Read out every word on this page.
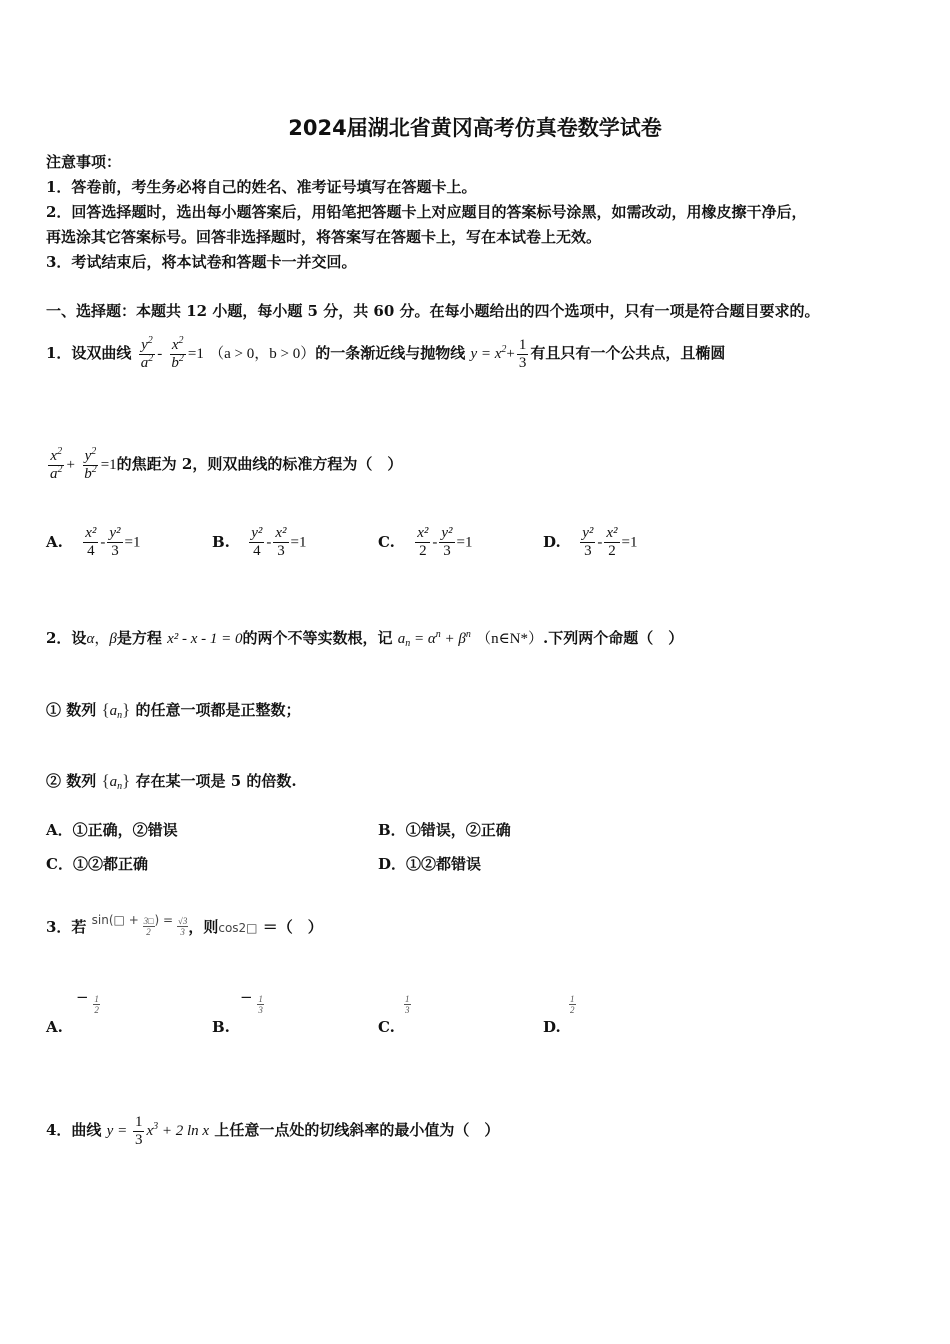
2024届湖北省黄冈高考仿真卷数学试卷
注意事项：
1．答卷前，考生务必将自己的姓名、准考证号填写在答题卡上。
2．回答选择题时，选出每小题答案后，用铅笔把答题卡上对应题目的答案标号涂黑，如需改动，用橡皮擦干净后，
再选涂其它答案标号。回答非选择题时，将答案写在答题卡上，写在本试卷上无效。
3．考试结束后，将本试卷和答题卡一并交回。
一、选择题：本题共 12 小题，每小题 5 分，共 60 分。在每小题给出的四个选项中，只有一项是符合题目要求的。
1．设双曲线 $\frac{y^2}{a^2} - \frac{x^2}{b^2} =1$ （a > 0，b > 0）的一条渐近线与抛物线 $y = x^2+ \frac{1}{3}$ 有且只有一个公共点，且椭圆
$\frac{x^2}{a^2} + \frac{y^2}{b^2} =1$的焦距为 2，则双曲线的标准方程为（　）
A. $\frac{\text{x²}}{4} - \frac{\text{y²}}{3} =1$	B. $\frac{\text{y²}}{4} - \frac{\text{x²}}{3} =1$	C. $\frac{\text{x²}}{2} - \frac{\text{y²}}{3} =1$	D. $\frac{\text{y²}}{3} - \frac{\text{x²}}{2} =1$
2．设α，β是方程 x² - x - 1 = 0的两个不等实数根，记 $a_n = \alpha^n + \beta^n$ （n∈N*）.下列两个命题（　）
① 数列 $\{a_n\}$ 的任意一项都是正整数；
② 数列 $\{a_n\}$ 存在某一项是 5 的倍数.
A．①正确，②错误	B．①错误，②正确
C．①②都正确	D．①②都错误
3．若 $^{sin(□ + \frac{3□}{2} ) = \frac{√3}{3}}$ ，则cos2□ ＝（　）
− $\frac{1}{2}$
A.
− $\frac{1}{3}$
B.
$\frac{1}{3}$
C.
$\frac{1}{2}$
D.
4．曲线 $y = \frac{1}{3} x^3 + 2$ ln x 上任意一点处的切线斜率的最小值为（　）
